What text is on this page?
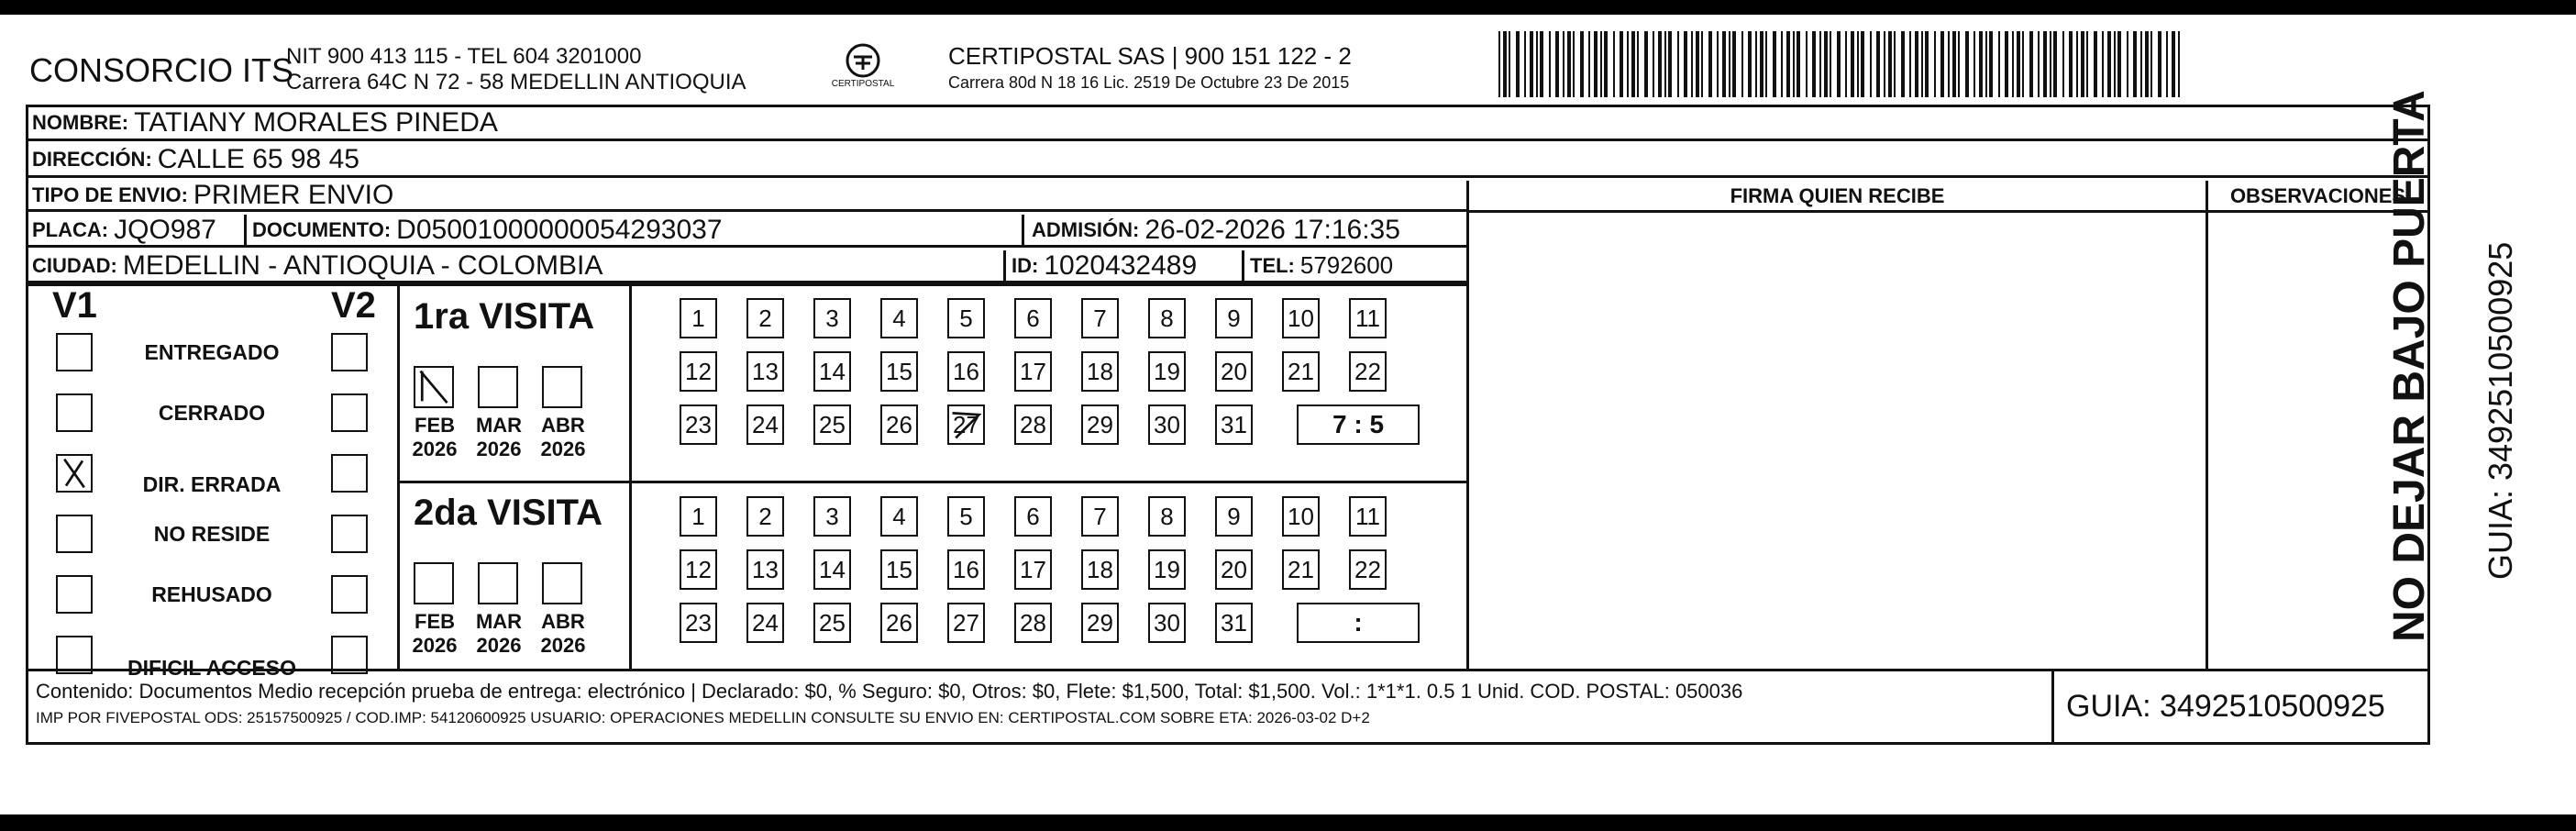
CONSORCIO ITS
NIT 900 413 115 - TEL 604 3201000
Carrera 64C N 72 - 58 MEDELLIN ANTIOQUIA	CERTIPOSTAL
CERTIPOSTAL SAS | 900 151 122 - 2
Carrera 80d N 18 16 Lic. 2519 De Octubre 23 De 2015
NOMBRE: TATIANY MORALES PINEDA
DIRECCIÓN: CALLE 65 98 45
TIPO DE ENVIO: PRIMER ENVIO
PLACA: JQO987 DOCUMENTO: D05001000000054293037	ADMISIÓN: 26-02-2026 17:16:35
CIUDAD: MEDELLIN - ANTIOQUIA - COLOMBIA	ID: 1020432489	TEL: 5792600
FIRMA QUIEN RECIBE	OBSERVACIONES
V1	V2
ENTREGADO
CERRADO
DIR. ERRADA
NO RESIDE
REHUSADO
DIFICIL ACCESO
1ra VISITA
FEB
2026
MAR
2026
ABR
2026
1	2	3	4	5	6	7	8	9	10 11
12 13 14 15 16 17 18 19 20 21 22
23 24 25 26 27 28 29 30 31	7 : 5
2da VISITA
FEB
2026
MAR
2026
ABR
2026
1	2	3	4	5	6	7	8	9	10 11
12 13 14 15 16 17 18 19 20 21 22
23 24 25 26 27 28 29 30 31	:
Contenido: Documentos Medio recepción prueba de entrega: electrónico | Declarado: $0, % Seguro: $0, Otros: $0, Flete: $1,500, Total: $1,500. Vol.: 1*1*1. 0.5 1 Unid. COD. POSTAL: 050036
IMP POR FIVEPOSTAL ODS: 25157500925 / COD.IMP: 54120600925 USUARIO: OPERACIONES MEDELLIN CONSULTE SU ENVIO EN: CERTIPOSTAL.COM SOBRE ETA: 2026-03-02 D+2	GUIA: 3492510500925
NO DEJAR BAJO PUERTA GUIA: 3492510500925
